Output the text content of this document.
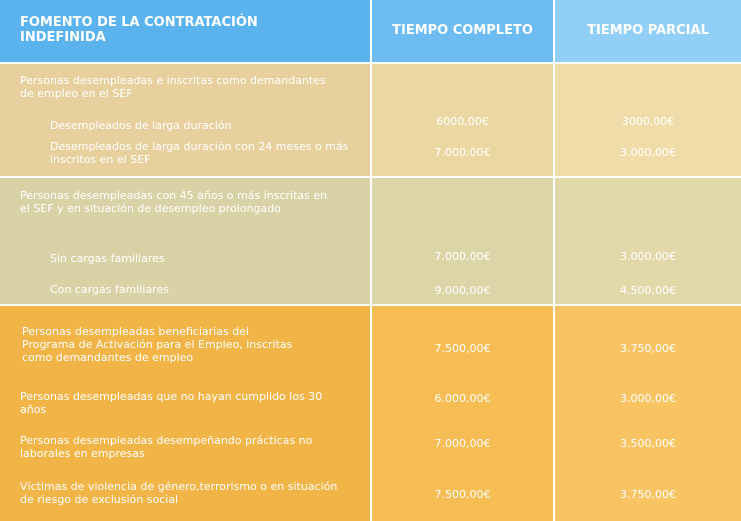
FOMENTO DE LA CONTRATACIÓN INDEFINIDA
Personas desempleadas e inscritas como demandantes de empleo en el SEF
Desempleados de larga duración
Desempleados de larga duración con 24 meses o más inscritos en el SEF
Personas desempleadas con 45 años o más inscritas en el SEF y en situación de desempleo prolongado
Sin cargas familiares
Con cargas familiares
Personas desempleadas beneficiarias del Programa de Activación para el Empleo, inscritas como demandantes de empleo
Personas desempleadas que no hayan cumplido los 30 años
Personas desempleadas desempeñando prácticas no laborales en empresas
Víctimas de violencia de género,terrorismo o en situación de riesgo de exclusión social
TIEMPO COMPLETO
6000,00€
7.000,00€
7.000,00€
9.000,00€
7.500,00€
6.000,00€
7.000,00€
7.500,00€
TIEMPO PARCIAL
3000,00€
3.000,00€
3.000,00€
4.500,00€
3.750,00€
3.000,00€
3.500,00€
3.750,00€
